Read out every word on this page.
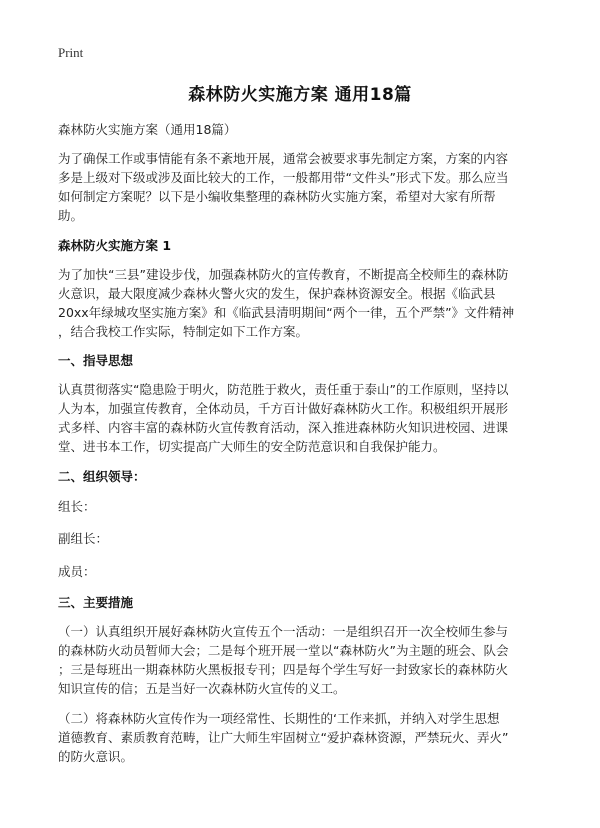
Print
森林防火实施方案 通用18篇
森林防火实施方案（通用18篇）
为了确保工作或事情能有条不紊地开展，通常会被要求事先制定方案，方案的内容
多是上级对下级或涉及面比较大的工作，一般都用带“文件头”形式下发。那么应当
如何制定方案呢？以下是小编收集整理的森林防火实施方案，希望对大家有所帮
助。
森林防火实施方案 1
为了加快“三县”建设步伐，加强森林防火的宣传教育，不断提高全校师生的森林防
火意识，最大限度减少森林火警火灾的发生，保护森林资源安全。根据《临武县
20xx年绿城攻坚实施方案》和《临武县清明期间“两个一律，五个严禁”》文件精神
，结合我校工作实际，特制定如下工作方案。
一、指导思想
认真贯彻落实“隐患险于明火，防范胜于救火，责任重于泰山”的工作原则，坚持以
人为本，加强宣传教育，全体动员，千方百计做好森林防火工作。积极组织开展形
式多样、内容丰富的森林防火宣传教育活动，深入推进森林防火知识进校园、进课
堂、进书本工作，切实提高广大师生的安全防范意识和自我保护能力。
二、组织领导：
组长：
副组长：
成员：
三、主要措施
（一）认真组织开展好森林防火宣传五个一活动：一是组织召开一次全校师生参与
的森林防火动员暂师大会；二是每个班开展一堂以“森林防火”为主题的班会、队会
；三是每班出一期森林防火黑板报专刊；四是每个学生写好一封致家长的森林防火
知识宣传的信；五是当好一次森林防火宣传的义工。
（二）将森林防火宣传作为一项经常性、长期性的‘工作来抓，并纳入对学生思想
道德教育、素质教育范畴，让广大师生牢固树立“爱护森林资源，严禁玩火、弄火”
的防火意识。
